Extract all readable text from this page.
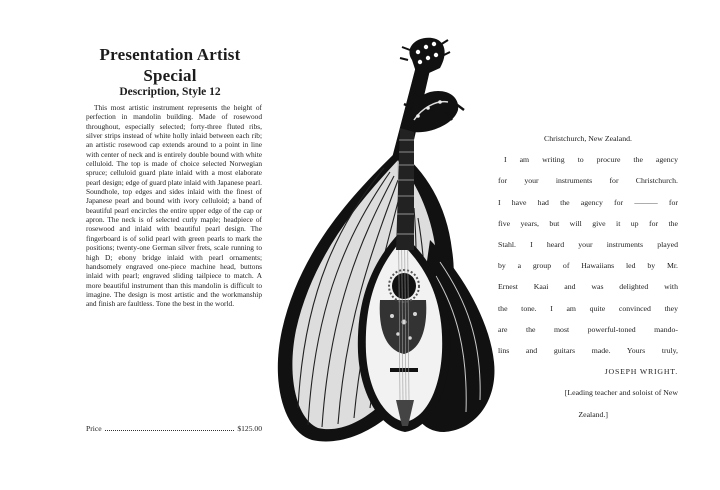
Presentation Artist
Special
Description, Style 12

This most artistic instrument represents the height of perfection in mandolin building. Made of rosewood throughout, especially selected; forty-three fluted ribs, silver strips instead of white holly inlaid between each rib; an artistic rosewood cap extends around to a point in line with center of neck and is entirely double bound with white celluloid. The top is made of choice selected Norwegian spruce; celluloid guard plate inlaid with a most elaborate pearl design; edge of guard plate inlaid with Japanese pearl. Soundhole, top edges and sides inlaid with the finest of Japanese pearl and bound with ivory celluloid; a band of beautiful pearl encircles the entire upper edge of the cap or apron. The neck is of selected curly maple; headpiece of rosewood and inlaid with beautiful pearl design. The fingerboard is of solid pearl with green pearls to mark the positions; twenty-one German silver frets, scale running to high D; ebony bridge inlaid with pearl ornaments; handsomely engraved one-piece machine head, buttons inlaid with pearl; engraved sliding tailpiece to match. A more beautiful instrument than this mandolin is difficult to imagine. The design is most artistic and the workmanship and finish are faultless. Tone the best in the world.

Price	$125.00
Christchurch, New Zealand.
I am writing to procure the agency
for your instruments for Christchurch.
I have had the agency for ——— for
five years, but will give it up for the
Stahl. I heard your instruments played
by a group of Hawaiians led by Mr.
Ernest Kaai and was delighted with
the tone. I am quite convinced they
are the most powerful-toned mando-
lins and guitars made. Yours truly,
JOSEPH WRIGHT.
[Leading teacher and soloist of New
Zealand.]
